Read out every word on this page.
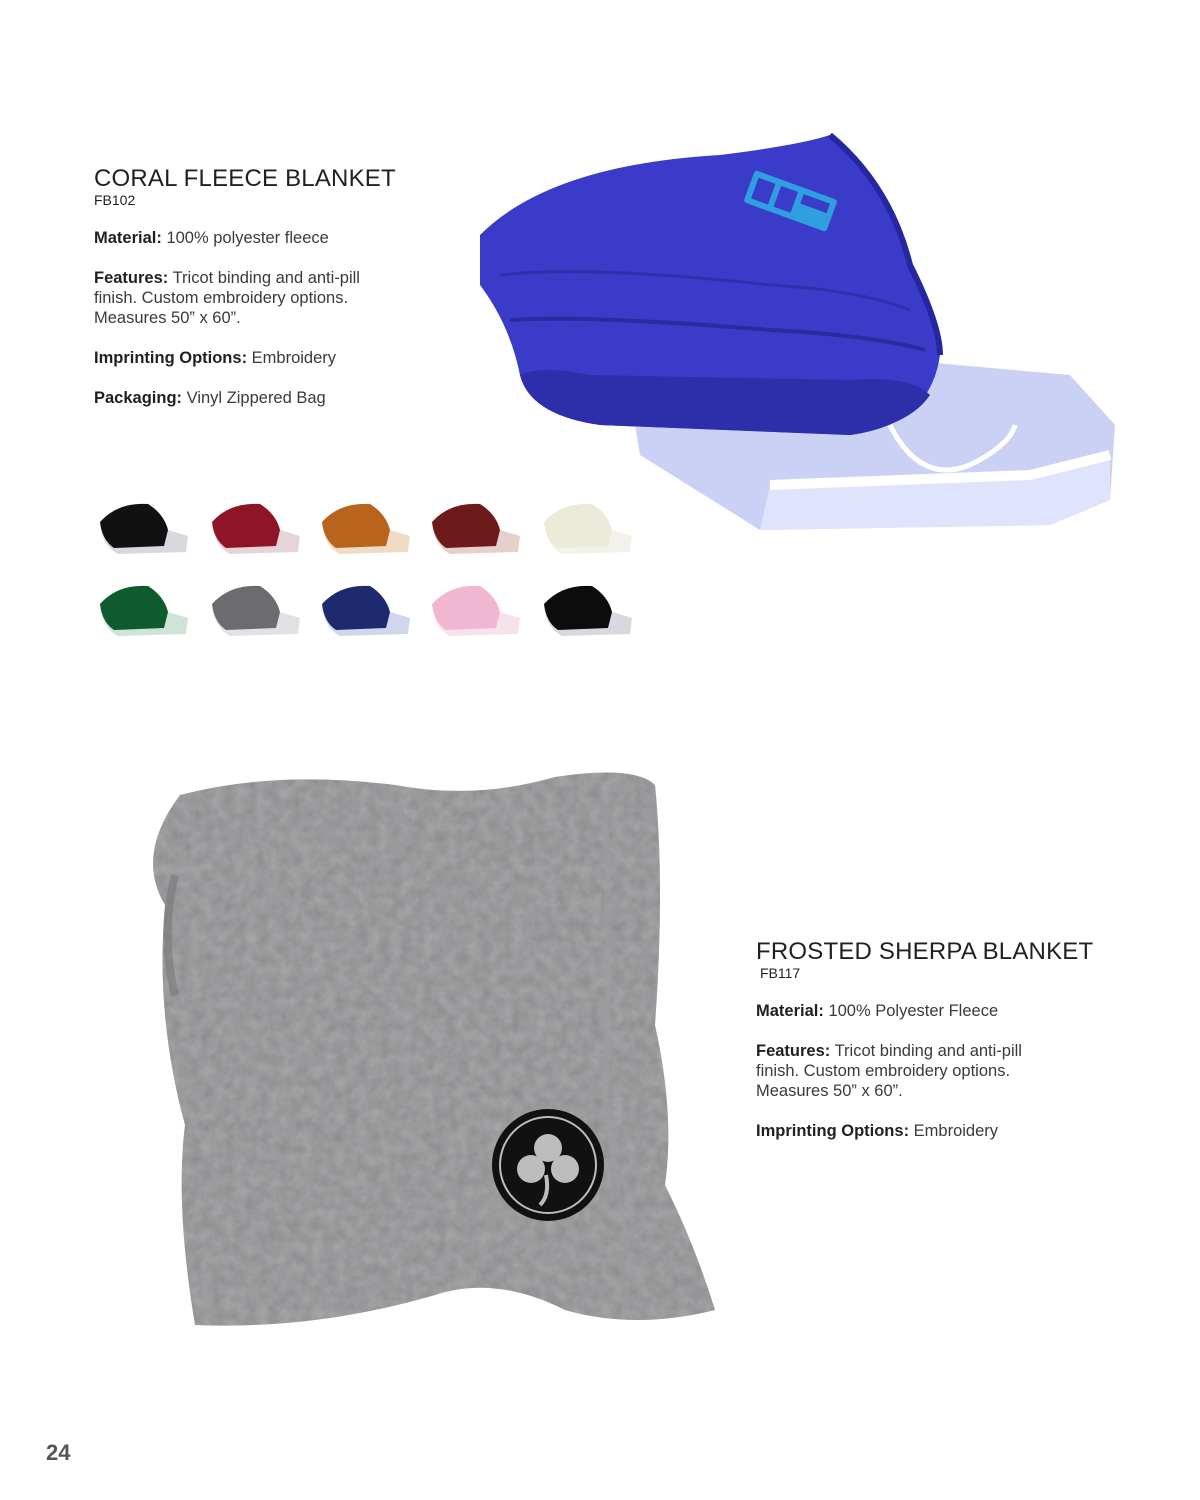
CORAL FLEECE BLANKET
FB102
Material: 100% polyester fleece
Features: Tricot binding and anti-pill
finish. Custom embroidery options.
Measures 50” x 60”.
Imprinting Options: Embroidery
Packaging: Vinyl Zippered Bag
FROSTED SHERPA BLANKET
FB117
Material: 100% Polyester Fleece
Features: Tricot binding and anti-pill
finish. Custom embroidery options.
Measures 50” x 60”.
Imprinting Options: Embroidery
24
